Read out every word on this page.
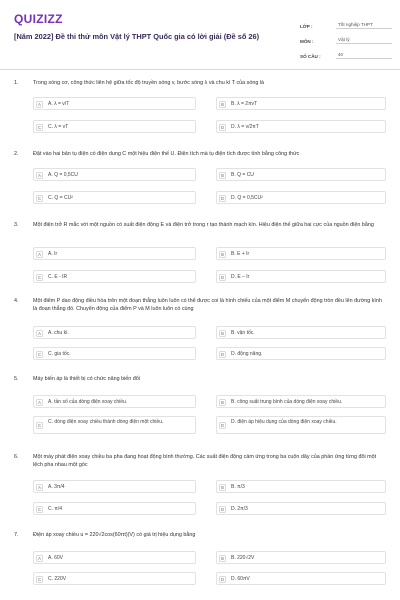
QUIZIZZ
[Năm 2022] Đề thi thử môn Vật lý THPT Quốc gia có lời giải (Đề số 26)
LỚP :	Tốt nghiệp THPT
MÔN :	Vật lý
SỐ CÂU :	40
1.	Trong sóng cơ, công thức liên hệ giữa tốc độ truyền sóng v, bước sóng λ và chu kì T của sóng là
A	A. λ = v/T	B	B. λ = 2πvT
C	C. λ = vT	D	D. λ = v/2πT
2.	Đặt vào hai bản tụ điện có điện dung C một hiệu điện thế U. Điện tích mà tụ điện tích được tính bằng công thức
A	A. Q = 0,5CU	B	B. Q = CU
C	C. Q = CU²	D	D. Q = 0,5CU²
3.	Một điện trở R mắc với một nguồn có suất điện động E và điện trở trong r tạo thành mạch kín. Hiệu điện thế giữa hai cực của nguồn điện bằng
A	A. Ir	B	B. E + Ir
C	C. E - IR	D	D. E – Ir
4.	Một điểm P dao động điều hòa trên một đoạn thẳng luôn luôn có thể được coi là hình chiếu của một điểm M chuyển động tròn đều lên đường kính là đoạn thẳng đó. Chuyển động của điểm P và M luôn luôn có cùng
A	A. chu kì.	B	B. vận tốc.
C	C. gia tốc.	D	D. động năng.
5.	Máy biến áp là thiết bị có chức năng biến đổi
A	A. tần số của dòng điện xoay chiều.	B	B. công suất trung bình của dòng điện xoay chiều.
C	C. dòng điện xoay chiều thành dòng điện một chiều.	D	D. điện áp hiệu dụng của dòng điện xoay chiều.
6.	Một máy phát điện xoay chiều ba pha đang hoạt động bình thường. Các suất điện động cảm ứng trong ba cuộn dây của phần ứng từng đôi một lệch pha nhau một góc
A	A. 3π/4	B	B. π/3
C	C. π/4	D	D. 2π/3
7.	Điện áp xoay chiều u = 220√2cos(60πt)(V) có giá trị hiệu dụng bằng
A	A. 60V	B	B. 220√2V
C	C. 220V	D	D. 60πV
